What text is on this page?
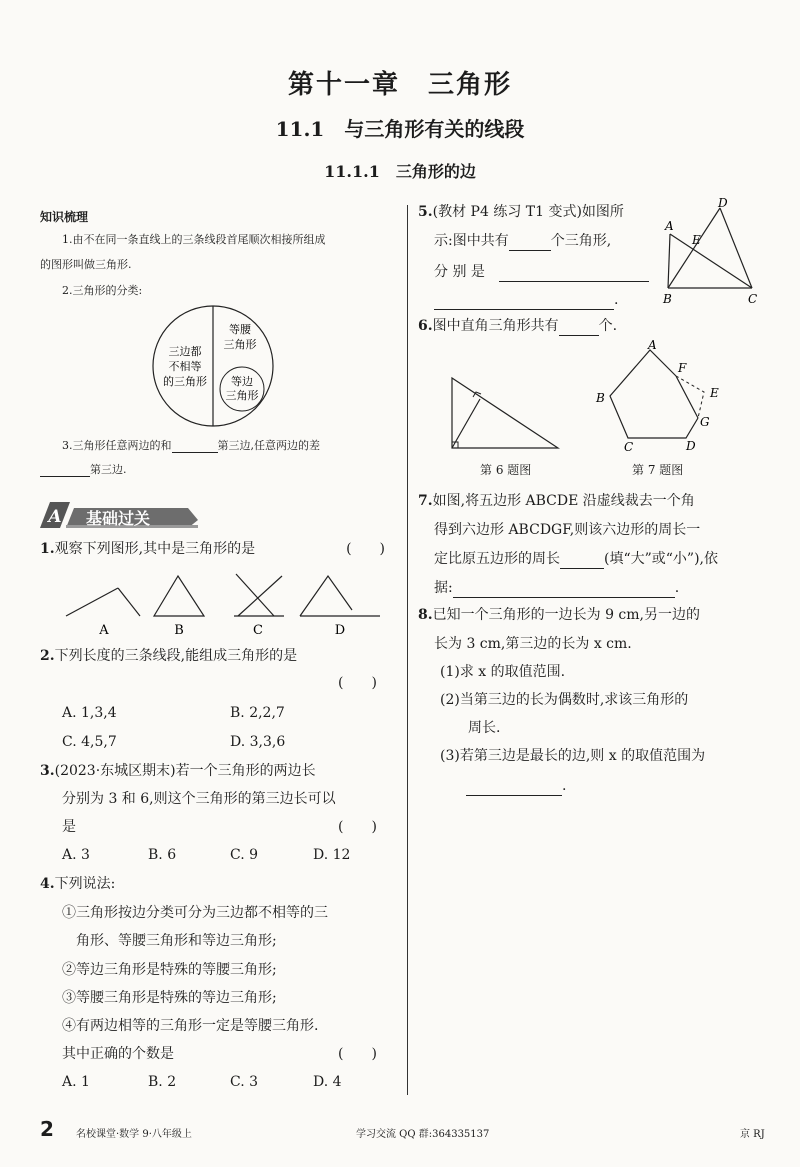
第十一章　三角形
11.1　与三角形有关的线段
11.1.1　三角形的边
知识梳理
1.由不在同一条直线上的三条线段首尾顺次相接所组成
的图形叫做三角形.
2.三角形的分类:
三边都
不相等
的三角形
等腰
三角形
等边
三角形
3.三角形任意两边的和	第三边,任意两边的差
第三边.
A 基础过关
1.观察下列图形,其中是三角形的是	(　　)
A	B	C	D
2.下列长度的三条线段,能组成三角形的是
(　　)
A. 1,3,4	B. 2,2,7
C. 4,5,7	D. 3,3,6
3.(2023·东城区期末)若一个三角形的两边长
分别为 3 和 6,则这个三角形的第三边长可以
是	(　　)
A. 3	B. 6	C. 9	D. 12
4.下列说法:
①三角形按边分类可分为三边都不相等的三
角形、等腰三角形和等边三角形;
②等边三角形是特殊的等腰三角形;
③等腰三角形是特殊的等边三角形;
④有两边相等的三角形一定是等腰三角形.
其中正确的个数是	(　　)
A. 1	B. 2	C. 3	D. 4
5.(教材 P4 练习 T1 变式)如图所
示:图中共有	个三角形,
分 别 是
.
A
B	C
D
E
6.图中直角三角形共有	个.
第 6 题图
A
B
C	D
E
F
G
第 7 题图
7.如图,将五边形 ABCDE 沿虚线裁去一个角
得到六边形 ABCDGF,则该六边形的周长一
定比原五边形的周长	(填“大”或“小”),依
据:	.
8.已知一个三角形的一边长为 9 cm,另一边的
长为 3 cm,第三边的长为 x cm.
(1)求 x 的取值范围.
(2)当第三边的长为偶数时,求该三角形的
周长.
(3)若第三边是最长的边,则 x 的取值范围为
.
2 名校课堂·数学 9·八年级上	学习交流 QQ 群:364335137	京 RJ
